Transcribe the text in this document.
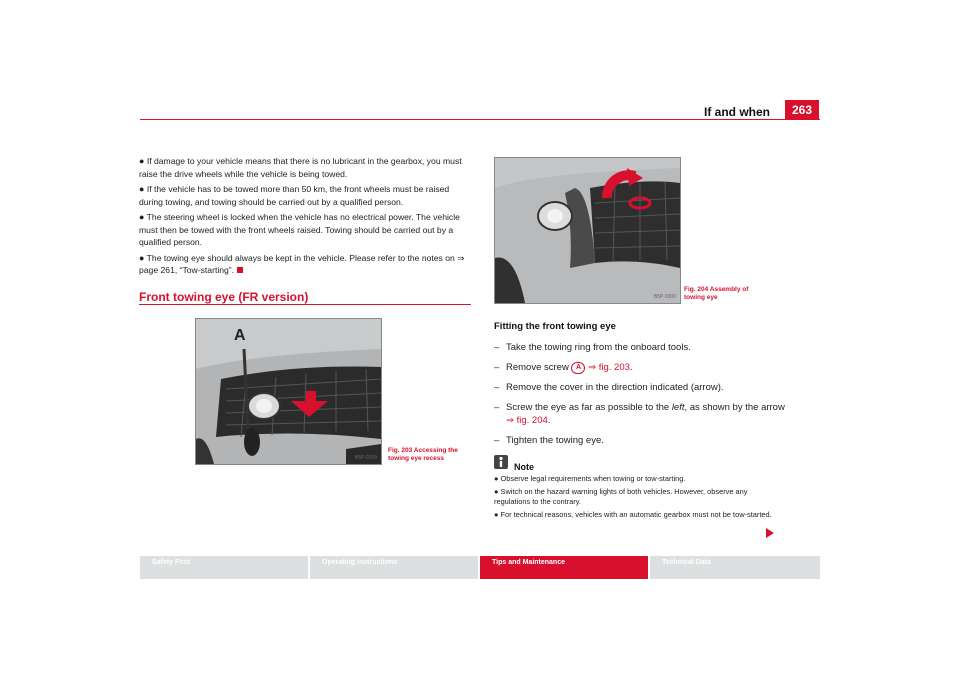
If and when	263

● If damage to your vehicle means that there is no lubricant in the gearbox, you must raise the drive wheels while the vehicle is being towed.

● If the vehicle has to be towed more than 50 km, the front wheels must be raised during towing, and towing should be carried out by a qualified person.

● The steering wheel is locked when the vehicle has no electrical power. The vehicle must then be towed with the front wheels raised. Towing should be carried out by a qualified person.

● The towing eye should always be kept in the vehicle. Please refer to the notes on ⇒ page 261, “Tow-starting”.

Front towing eye (FR version)
A
B5P-0259
Fig. 203 Accessing the
towing eye recess
B5P-0300
Fig. 204 Assembly of
towing eye
Fitting the front towing eye
– Take the towing ring from the onboard tools.
– Remove screw A ⇒ fig. 203.
– Remove the cover in the direction indicated (arrow).
– Screw the eye as far as possible to the left, as shown by the arrow
⇒ fig. 204.
– Tighten the towing eye.
Note

● Observe legal requirements when towing or tow-starting.

● Switch on the hazard warning lights of both vehicles. However, observe any regulations to the contrary.

● For technical reasons, vehicles with an automatic gearbox must not be tow-started.

Safety First	Operating instructions	Tips and Maintenance	Technical Data
